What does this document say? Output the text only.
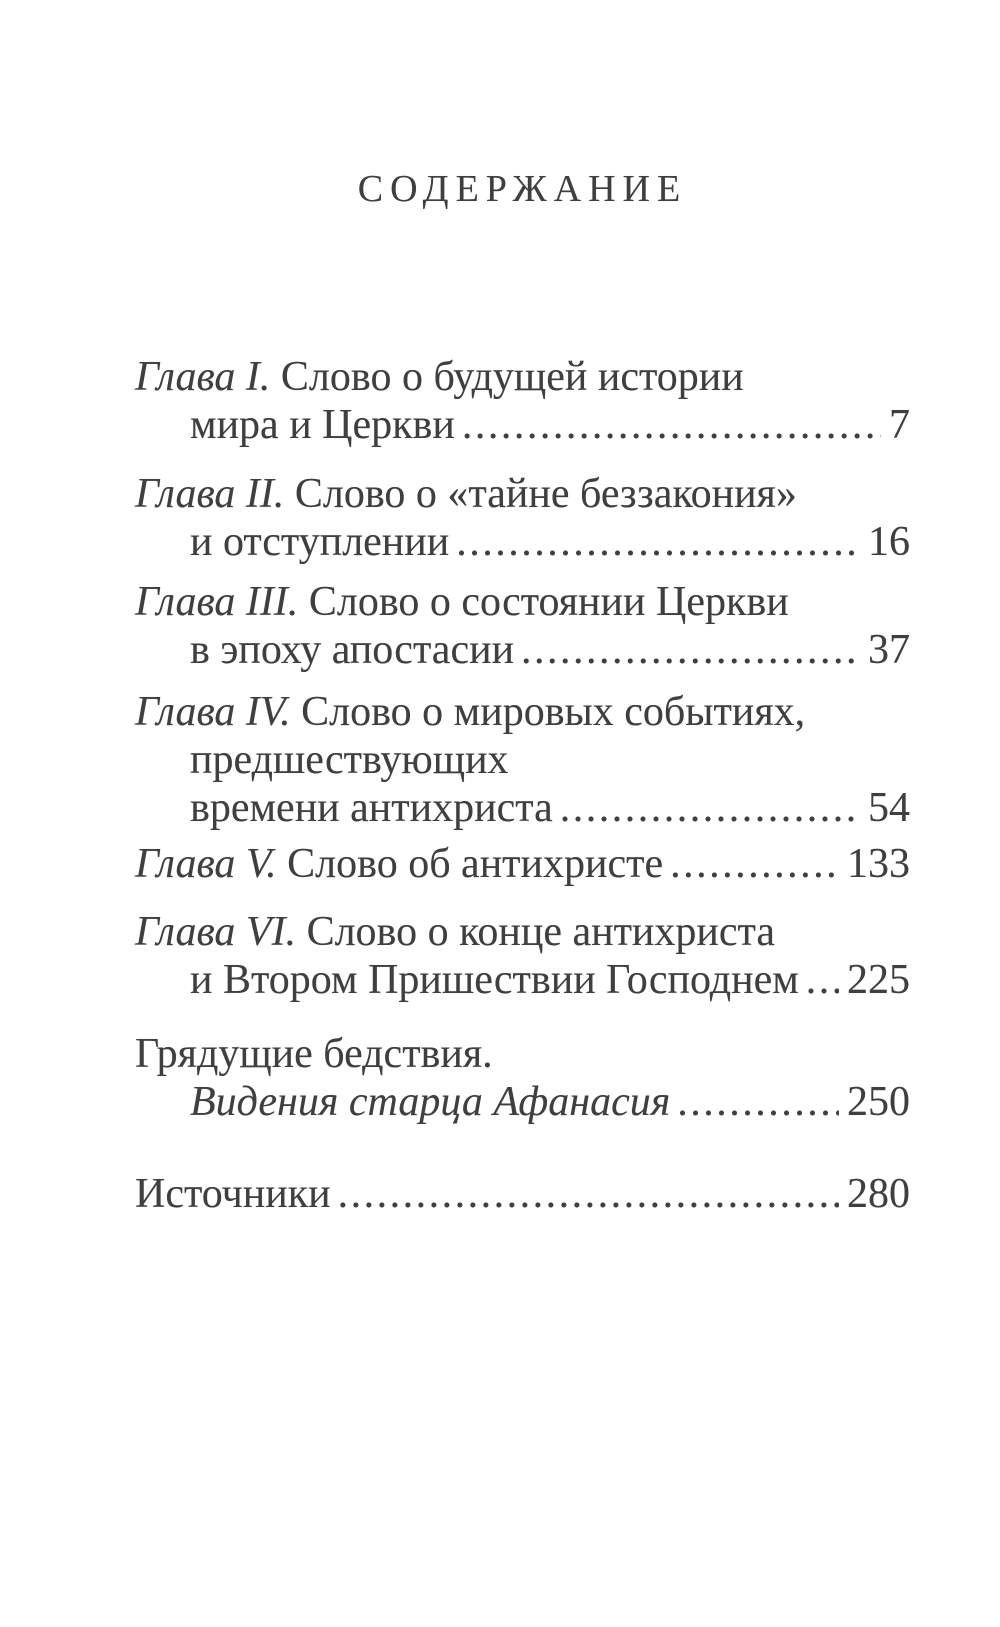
СОДЕРЖАНИЕ
Глава I. Слово о будущей истории
мира и Церкви .....	7
Глава II. Слово о «тайне беззакония»
и отступлении .....	16
Глава III. Слово о состоянии Церкви
в эпоху апостасии .....	37
Глава IV. Слово о мировых событиях,
предшествующих
времени антихриста .....	54
Глава V. Слово об антихристе .....	133
Глава VI. Слово о конце антихриста
и Втором Пришествии Господнем ..... 225
Грядущие бедствия.
Видения старца Афанасия .....	250
Источники .....	280
